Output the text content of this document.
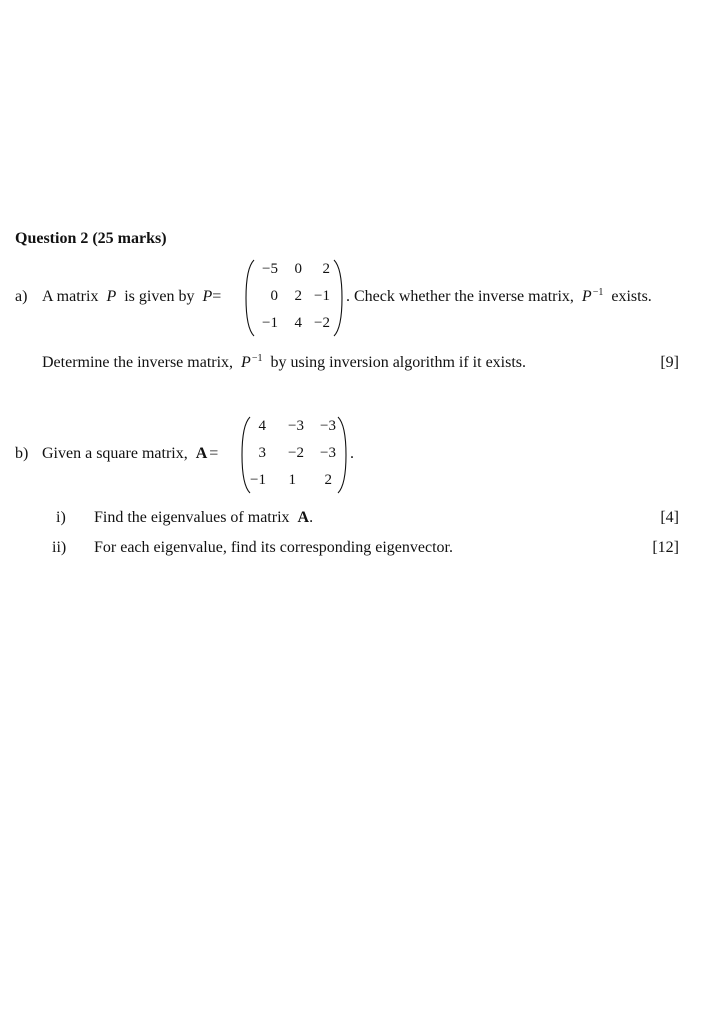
Question 2 (25 marks)
a) A matrix P is given by P=
−5 0 2
0 2 −1
−1 4 −2
. Check whether the inverse matrix, $P^{-1}$ exists.
Determine the inverse matrix, $P^{-1}$ by using inversion algorithm if it exists.	[9]
b) Given a square matrix, A =
4 −3 −3
3 −2 −3
−1 1 2
.
i) Find the eigenvalues of matrix A.	[4]
ii) For each eigenvalue, find its corresponding eigenvector.	[12]
